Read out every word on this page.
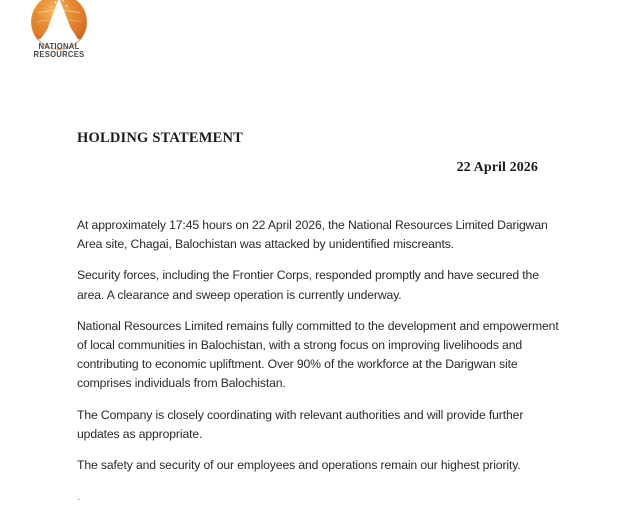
NATIONAL
RESOURCES
HOLDING STATEMENT
22 April 2026

At approximately 17:45 hours on 22 April 2026, the National Resources Limited Darigwan Area site, Chagai, Balochistan was attacked by unidentified miscreants.

Security forces, including the Frontier Corps, responded promptly and have secured the area. A clearance and sweep operation is currently underway.

National Resources Limited remains fully committed to the development and empowerment of local communities in Balochistan, with a strong focus on improving livelihoods and contributing to economic upliftment. Over 90% of the workforce at the Darigwan site comprises individuals from Balochistan.

The Company is closely coordinating with relevant authorities and will provide further updates as appropriate.

The safety and security of our employees and operations remain our highest priority.

.
